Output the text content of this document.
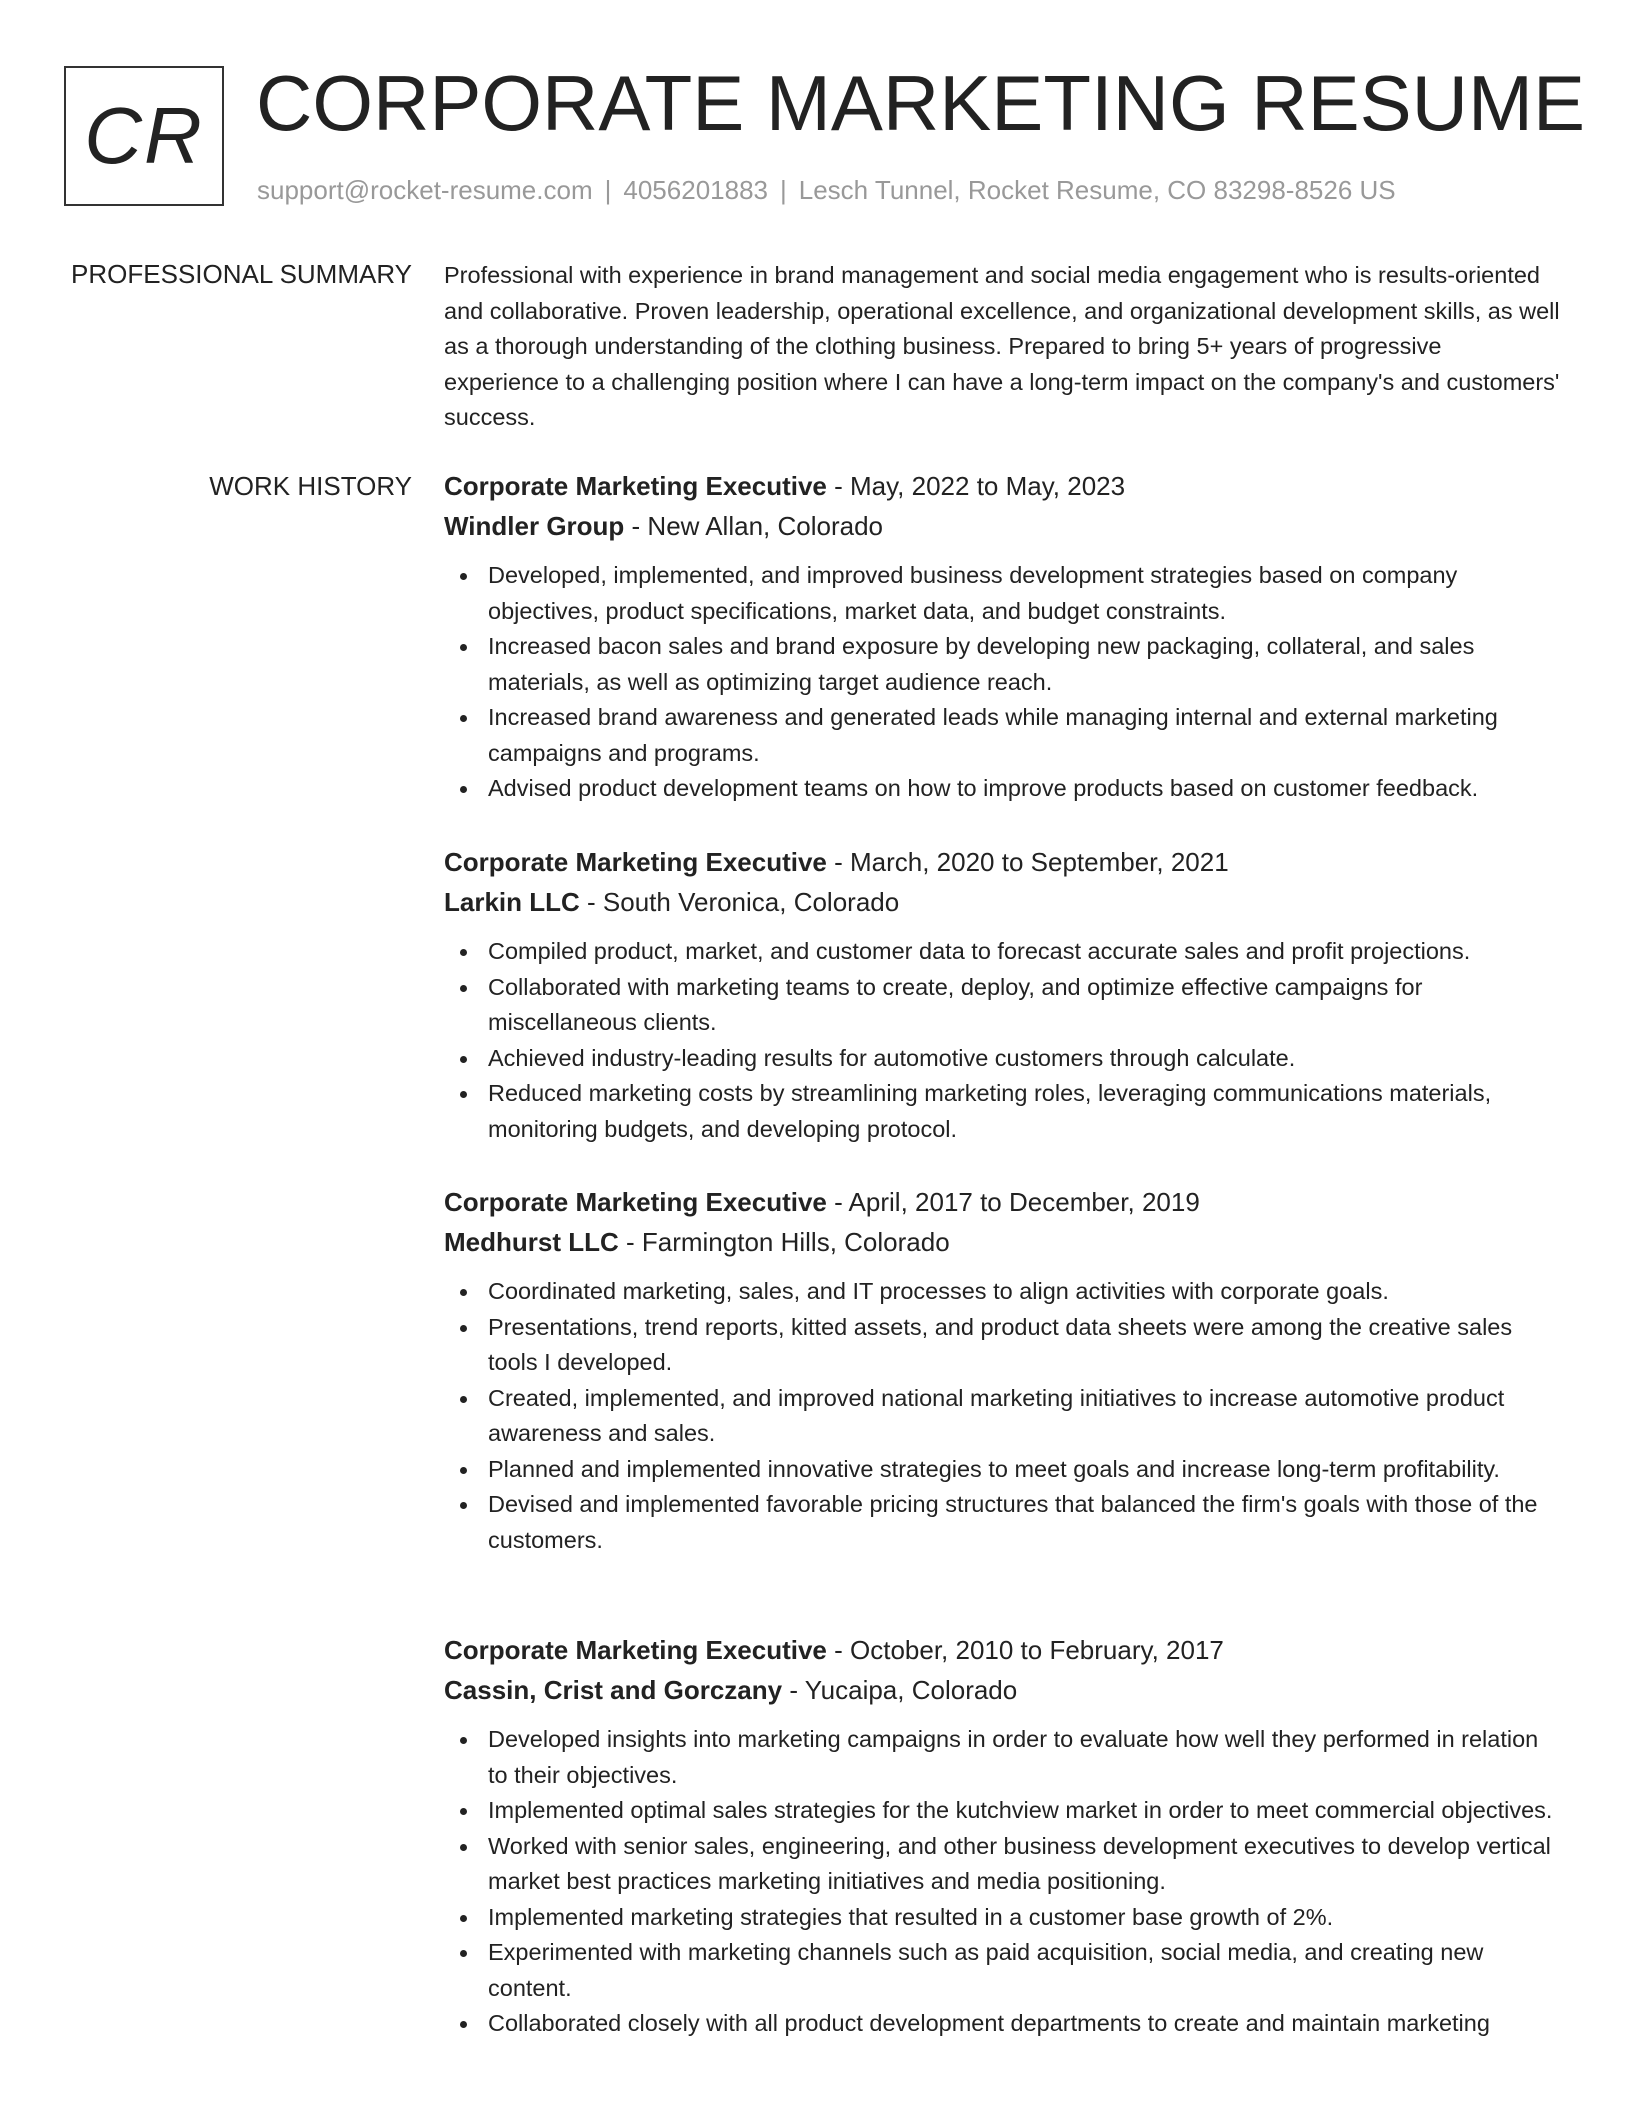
CR CORPORATE MARKETING RESUME
support@rocket-resume.com | 4056201883 | Lesch Tunnel, Rocket Resume, CO 83298-8526 US
PROFESSIONAL SUMMARY Professional with experience in brand management and social media engagement who is results-oriented and collaborative. Proven leadership, operational excellence, and organizational development skills, as well as a thorough understanding of the clothing business. Prepared to bring 5+ years of progressive experience to a challenging position where I can have a long-term impact on the company's and customers' success.

WORK HISTORY Corporate Marketing Executive - May, 2022 to May, 2023
Windler Group - New Allan, Colorado
Developed, implemented, and improved business development strategies based on company objectives, product specifications, market data, and budget constraints.
Increased bacon sales and brand exposure by developing new packaging, collateral, and sales materials, as well as optimizing target audience reach.
Increased brand awareness and generated leads while managing internal and external marketing campaigns and programs.
Advised product development teams on how to improve products based on customer feedback.
Corporate Marketing Executive - March, 2020 to September, 2021
Larkin LLC - South Veronica, Colorado
Compiled product, market, and customer data to forecast accurate sales and profit projections.
Collaborated with marketing teams to create, deploy, and optimize effective campaigns for miscellaneous clients.
Achieved industry-leading results for automotive customers through calculate.
Reduced marketing costs by streamlining marketing roles, leveraging communications materials, monitoring budgets, and developing protocol.
Corporate Marketing Executive - April, 2017 to December, 2019
Medhurst LLC - Farmington Hills, Colorado
Coordinated marketing, sales, and IT processes to align activities with corporate goals.
Presentations, trend reports, kitted assets, and product data sheets were among the creative sales tools I developed.
Created, implemented, and improved national marketing initiatives to increase automotive product awareness and sales.
Planned and implemented innovative strategies to meet goals and increase long-term profitability.
Devised and implemented favorable pricing structures that balanced the firm's goals with those of the customers.
Corporate Marketing Executive - October, 2010 to February, 2017
Cassin, Crist and Gorczany - Yucaipa, Colorado
Developed insights into marketing campaigns in order to evaluate how well they performed in relation to their objectives.
Implemented optimal sales strategies for the kutchview market in order to meet commercial objectives.
Worked with senior sales, engineering, and other business development executives to develop vertical market best practices marketing initiatives and media positioning.
Implemented marketing strategies that resulted in a customer base growth of 2%.
Experimented with marketing channels such as paid acquisition, social media, and creating new content.
Collaborated closely with all product development departments to create and maintain marketing
